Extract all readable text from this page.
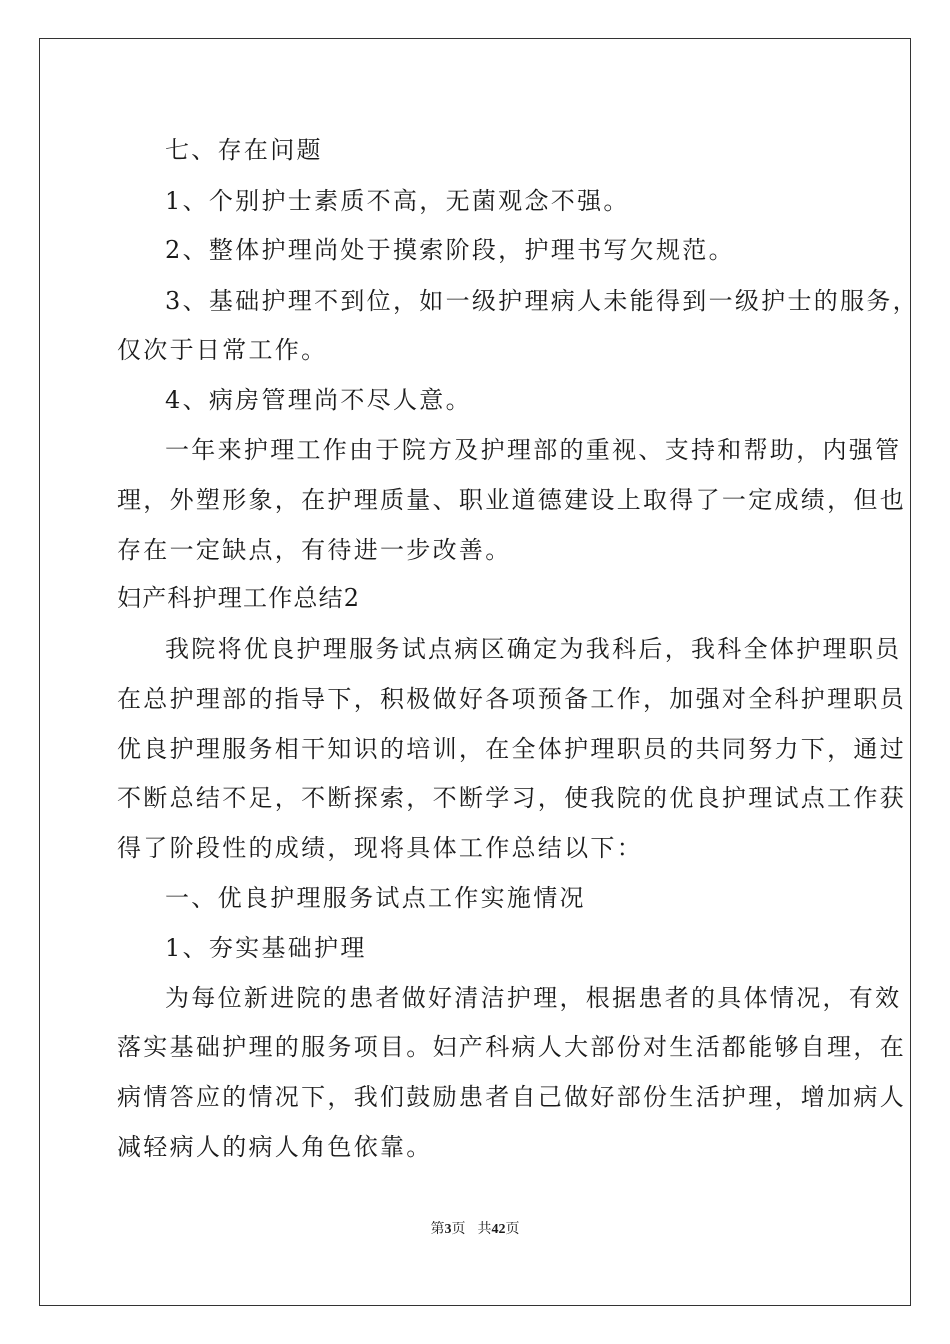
七、存在问题
1、个别护士素质不高，无菌观念不强。
2、整体护理尚处于摸索阶段，护理书写欠规范。
3、基础护理不到位，如一级护理病人未能得到一级护士的服务，
仅次于日常工作。
4、病房管理尚不尽人意。
一年来护理工作由于院方及护理部的重视、支持和帮助，内强管
理，外塑形象，在护理质量、职业道德建设上取得了一定成绩，但也
存在一定缺点，有待进一步改善。
妇产科护理工作总结2
我院将优良护理服务试点病区确定为我科后，我科全体护理职员
在总护理部的指导下，积极做好各项预备工作，加强对全科护理职员
优良护理服务相干知识的培训，在全体护理职员的共同努力下，通过
不断总结不足，不断探索，不断学习，使我院的优良护理试点工作获
得了阶段性的成绩，现将具体工作总结以下：
一、优良护理服务试点工作实施情况
1、夯实基础护理
为每位新进院的患者做好清洁护理，根据患者的具体情况，有效
落实基础护理的服务项目。妇产科病人大部份对生活都能够自理，在
病情答应的情况下，我们鼓励患者自己做好部份生活护理，增加病人
减轻病人的病人角色依靠。
第3页 共42页
